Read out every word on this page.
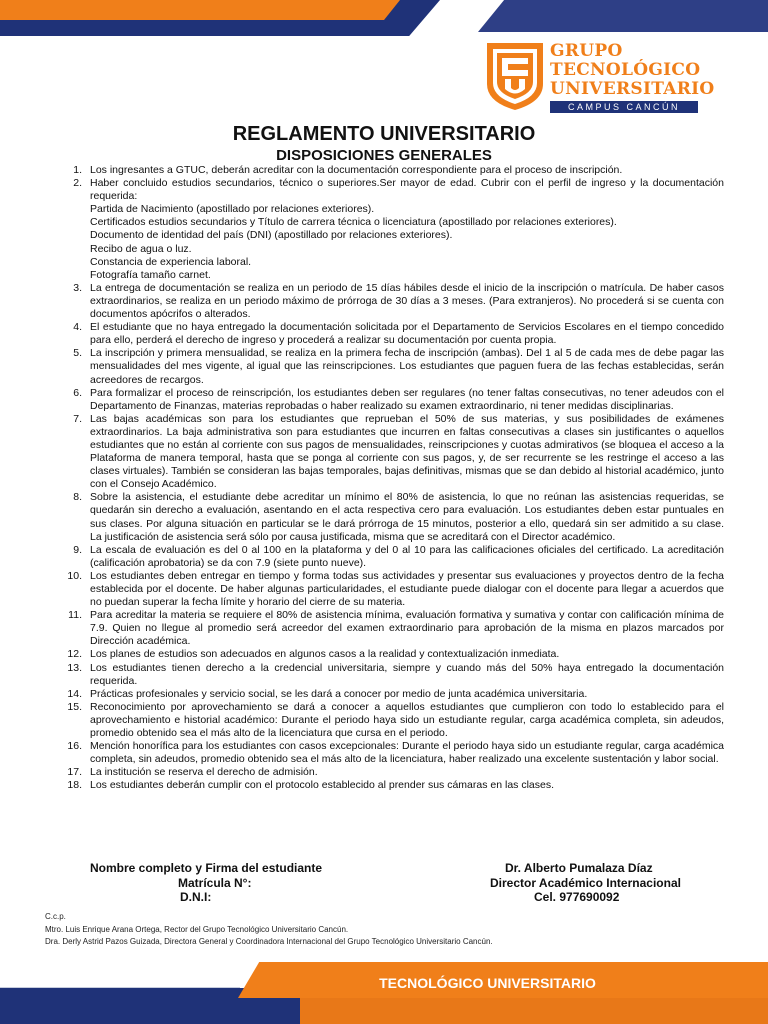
GRUPO
TECNOLÓGICO
UNIVERSITARIO
CAMPUS CANCÚN
REGLAMENTO UNIVERSITARIO
DISPOSICIONES GENERALES
1. Los ingresantes a GTUC, deberán acreditar con la documentación correspondiente para el proceso de inscripción.
2. Haber concluido estudios secundarios, técnico o superiores.Ser mayor de edad. Cubrir con el perfil de ingreso y la documentación requerida:
Partida de Nacimiento (apostillado por relaciones exteriores).
Certificados estudios secundarios y Título de carrera técnica o licenciatura (apostillado por relaciones exteriores).
Documento de identidad del país (DNI) (apostillado por relaciones exteriores).
Recibo de agua o luz.
Constancia de experiencia laboral.
Fotografía tamaño carnet.
3. La entrega de documentación se realiza en un periodo de 15 días hábiles desde el inicio de la inscripción o matrícula. De haber casos extraordinarios, se realiza en un periodo máximo de prórroga de 30 días a 3 meses. (Para extranjeros). No procederá si se cuenta con documentos apócrifos o alterados.
4. El estudiante que no haya entregado la documentación solicitada por el Departamento de Servicios Escolares en el tiempo concedido para ello, perderá el derecho de ingreso y procederá a realizar su documentación por cuenta propia.
5. La inscripción y primera mensualidad, se realiza en la primera fecha de inscripción (ambas). Del 1 al 5 de cada mes de debe pagar las mensualidades del mes vigente, al igual que las reinscripciones. Los estudiantes que paguen fuera de las fechas establecidas, serán acreedores de recargos.
6. Para formalizar el proceso de reinscripción, los estudiantes deben ser regulares (no tener faltas consecutivas, no tener adeudos con el Departamento de Finanzas, materias reprobadas o haber realizado su examen extraordinario, ni tener medidas disciplinarias.
7. Las bajas académicas son para los estudiantes que reprueban el 50% de sus materias, y sus posibilidades de exámenes extraordinarios. La baja administrativa son para estudiantes que incurren en faltas consecutivas a clases sin justificantes o aquellos estudiantes que no están al corriente con sus pagos de mensualidades, reinscripciones y cuotas admirativos (se bloquea el acceso a la Plataforma de manera temporal, hasta que se ponga al corriente con sus pagos, y, de ser recurrente se les restringe el acceso a las clases virtuales). También se consideran las bajas temporales, bajas definitivas, mismas que se dan debido al historial académico, junto con el Consejo Académico.
8. Sobre la asistencia, el estudiante debe acreditar un mínimo el 80% de asistencia, lo que no reúnan las asistencias requeridas, se quedarán sin derecho a evaluación, asentando en el acta respectiva cero para evaluación. Los estudiantes deben estar puntuales en sus clases. Por alguna situación en particular se le dará prórroga de 15 minutos, posterior a ello, quedará sin ser admitido a su clase. La justificación de asistencia será sólo por causa justificada, misma que se acreditará con el Director académico.
9. La escala de evaluación es del 0 al 100 en la plataforma y del 0 al 10 para las calificaciones oficiales del certificado. La acreditación (calificación aprobatoria) se da con 7.9 (siete punto nueve).
10. Los estudiantes deben entregar en tiempo y forma todas sus actividades y presentar sus evaluaciones y proyectos dentro de la fecha establecida por el docente. De haber algunas particularidades, el estudiante puede dialogar con el docente para llegar a acuerdos que no puedan superar la fecha límite y horario del cierre de su materia.
11. Para acreditar la materia se requiere el 80% de asistencia mínima, evaluación formativa y sumativa y contar con calificación mínima de 7.9. Quien no llegue al promedio será acreedor del examen extraordinario para aprobación de la misma en plazos marcados por Dirección académica.
12. Los planes de estudios son adecuados en algunos casos a la realidad y contextualización inmediata.
13. Los estudiantes tienen derecho a la credencial universitaria, siempre y cuando más del 50% haya entregado la documentación requerida.
14. Prácticas profesionales y servicio social, se les dará a conocer por medio de junta académica universitaria.
15. Reconocimiento por aprovechamiento se dará a conocer a aquellos estudiantes que cumplieron con todo lo establecido para el aprovechamiento e historial académico: Durante el periodo haya sido un estudiante regular, carga académica completa, sin adeudos, promedio obtenido sea el más alto de la licenciatura que cursa en el periodo.
16. Mención honorífica para los estudiantes con casos excepcionales: Durante el periodo haya sido un estudiante regular, carga académica completa, sin adeudos, promedio obtenido sea el más alto de la licenciatura, haber realizado una excelente sustentación y labor social.
17. La institución se reserva el derecho de admisión.
18. Los estudiantes deberán cumplir con el protocolo establecido al prender sus cámaras en las clases.
Nombre completo y Firma del estudiante
Matrícula N°:
D.N.I:
Dr. Alberto Pumalaza Díaz
Director Académico Internacional
Cel. 977690092
C.c.p.
Mtro. Luis Enrique Arana Ortega, Rector del Grupo Tecnológico Universitario Cancún.
Dra. Derly Astrid Pazos Guizada, Directora General y Coordinadora Internacional del Grupo Tecnológico Universitario Cancún.
TECNOLÓGICO UNIVERSITARIO
